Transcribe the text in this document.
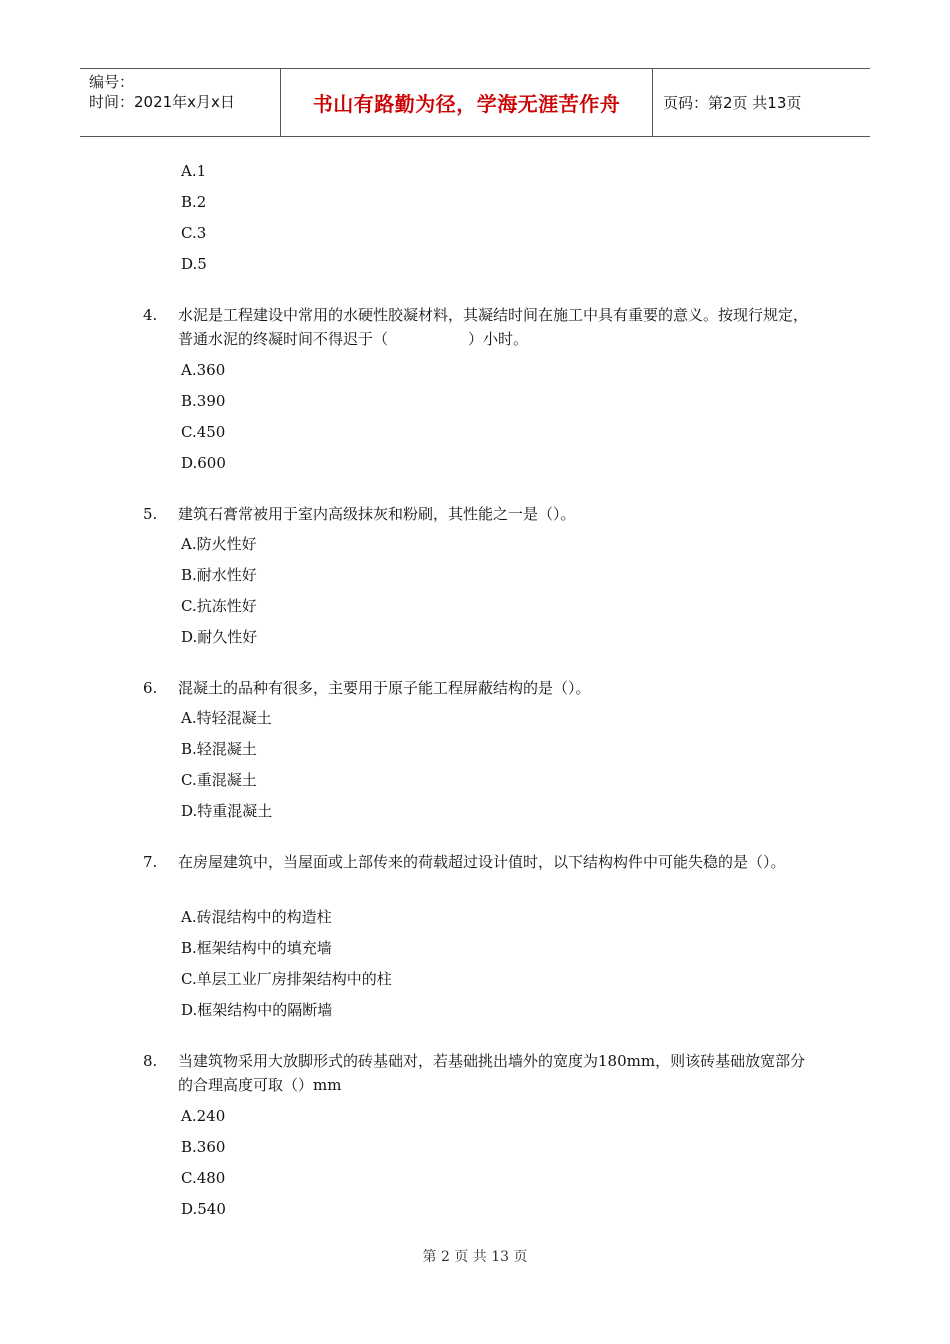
编号：
时间：2021年x月x日	书山有路勤为径，学海无涯苦作舟	页码：第2页 共13页
A.1
B.2
C.3
D.5
4. 水泥是工程建设中常用的水硬性胶凝材料，其凝结时间在施工中具有重要的意义。按现行规定，普通水泥的终凝时间不得迟于（	）小时。
A.360
B.390
C.450
D.600
5. 建筑石膏常被用于室内高级抹灰和粉刷，其性能之一是（）。
A.防火性好
B.耐水性好
C.抗冻性好
D.耐久性好
6. 混凝土的品种有很多，主要用于原子能工程屏蔽结构的是（）。
A.特轻混凝土
B.轻混凝土
C.重混凝土
D.特重混凝土
7. 在房屋建筑中，当屋面或上部传来的荷载超过设计值时，以下结构构件中可能失稳的是（）。
A.砖混结构中的构造柱
B.框架结构中的填充墙
C.单层工业厂房排架结构中的柱
D.框架结构中的隔断墙
8. 当建筑物采用大放脚形式的砖基础对，若基础挑出墙外的宽度为180mm，则该砖基础放宽部分的合理高度可取（）mm
A.240
B.360
C.480
D.540
第 2 页 共 13 页
